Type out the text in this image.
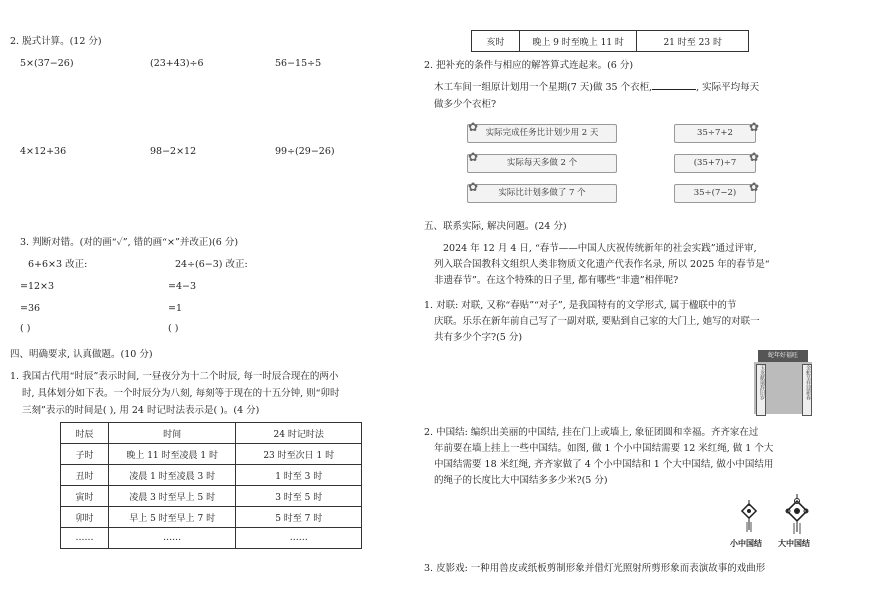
2. 脱式计算。(12 分)
5×(37−26)	(23+43)÷6	56−15÷5
4×12+36	98−2×12	99÷(29−26)
3. 判断对错。(对的画“✓”, 错的画“×”并改正)(6 分)
6+6×3 改正:
=12×3
=36
( )
24÷(6−3) 改正:
=4−3
=1
( )
四、明确要求, 认真做题。(10 分)
1. 我国古代用“时辰”表示时间, 一昼夜分为十二个时辰, 每一时辰合现在的两小
时, 具体划分如下表。一个时辰分为八刻, 每刻等于现在的十五分钟, 则“卯时
三刻”表示的时间是( ), 用 24 时记时法表示是( )。(4 分)
时辰	时间	24 时记时法
子时	晚上 11 时至凌晨 1 时	23 时至次日 1 时
丑时	凌晨 1 时至凌晨 3 时	1 时至 3 时
寅时	凌晨 3 时至早上 5 时	3 时至 5 时
卯时	早上 5 时至早上 7 时	5 时至 7 时
……	……	……
亥时	晚上 9 时至晚上 11 时	21 时至 23 时
2. 把补充的条件与相应的解答算式连起来。(6 分)
木工车间一组原计划用一个星期(7 天)做 35 个衣柜,	, 实际平均每天
做多少个衣柜?
✿ 实际完成任务比计划少用 2 天
✿	实际每天多做 2 个
✿	实际比计划多做了 7 个
35÷7+2	✿
(35+7)÷7	✿
35÷(7−2)	✿
五、联系实际, 解决问题。(24 分)
2024 年 12 月 4 日, “春节——中国人庆祝传统新年的社会实践”通过评审,
列入联合国教科文组织人类非物质文化遗产代表作名录, 所以 2025 年的春节是“
非遗春节”。在这个特殊的日子里, 都有哪些“非遗”相伴呢?
1. 对联: 对联, 又称“春贴”“对子”, 是我国特有的文学形式, 属于楹联中的节
庆联。乐乐在新年前自己写了一副对联, 要贴到自己家的大门上, 她写的对联一
共有多少个字?(5 分)
蛇年好福旺
玉龙献瑞辞旧岁	金蛇呈祥迎新春
2. 中国结: 编织出美丽的中国结, 挂在门上或墙上, 象征团圆和幸福。齐齐家在过
年前要在墙上挂上一些中国结。如图, 做 1 个小中国结需要 12 米红绳, 做 1 个大
中国结需要 18 米红绳, 齐齐家做了 4 个小中国结和 1 个大中国结, 做小中国结用
的绳子的长度比大中国结多多少米?(5 分)
小中国结 大中国结
3. 皮影戏: 一种用兽皮或纸板剪制形象并借灯光照射所剪形象而表演故事的戏曲形
